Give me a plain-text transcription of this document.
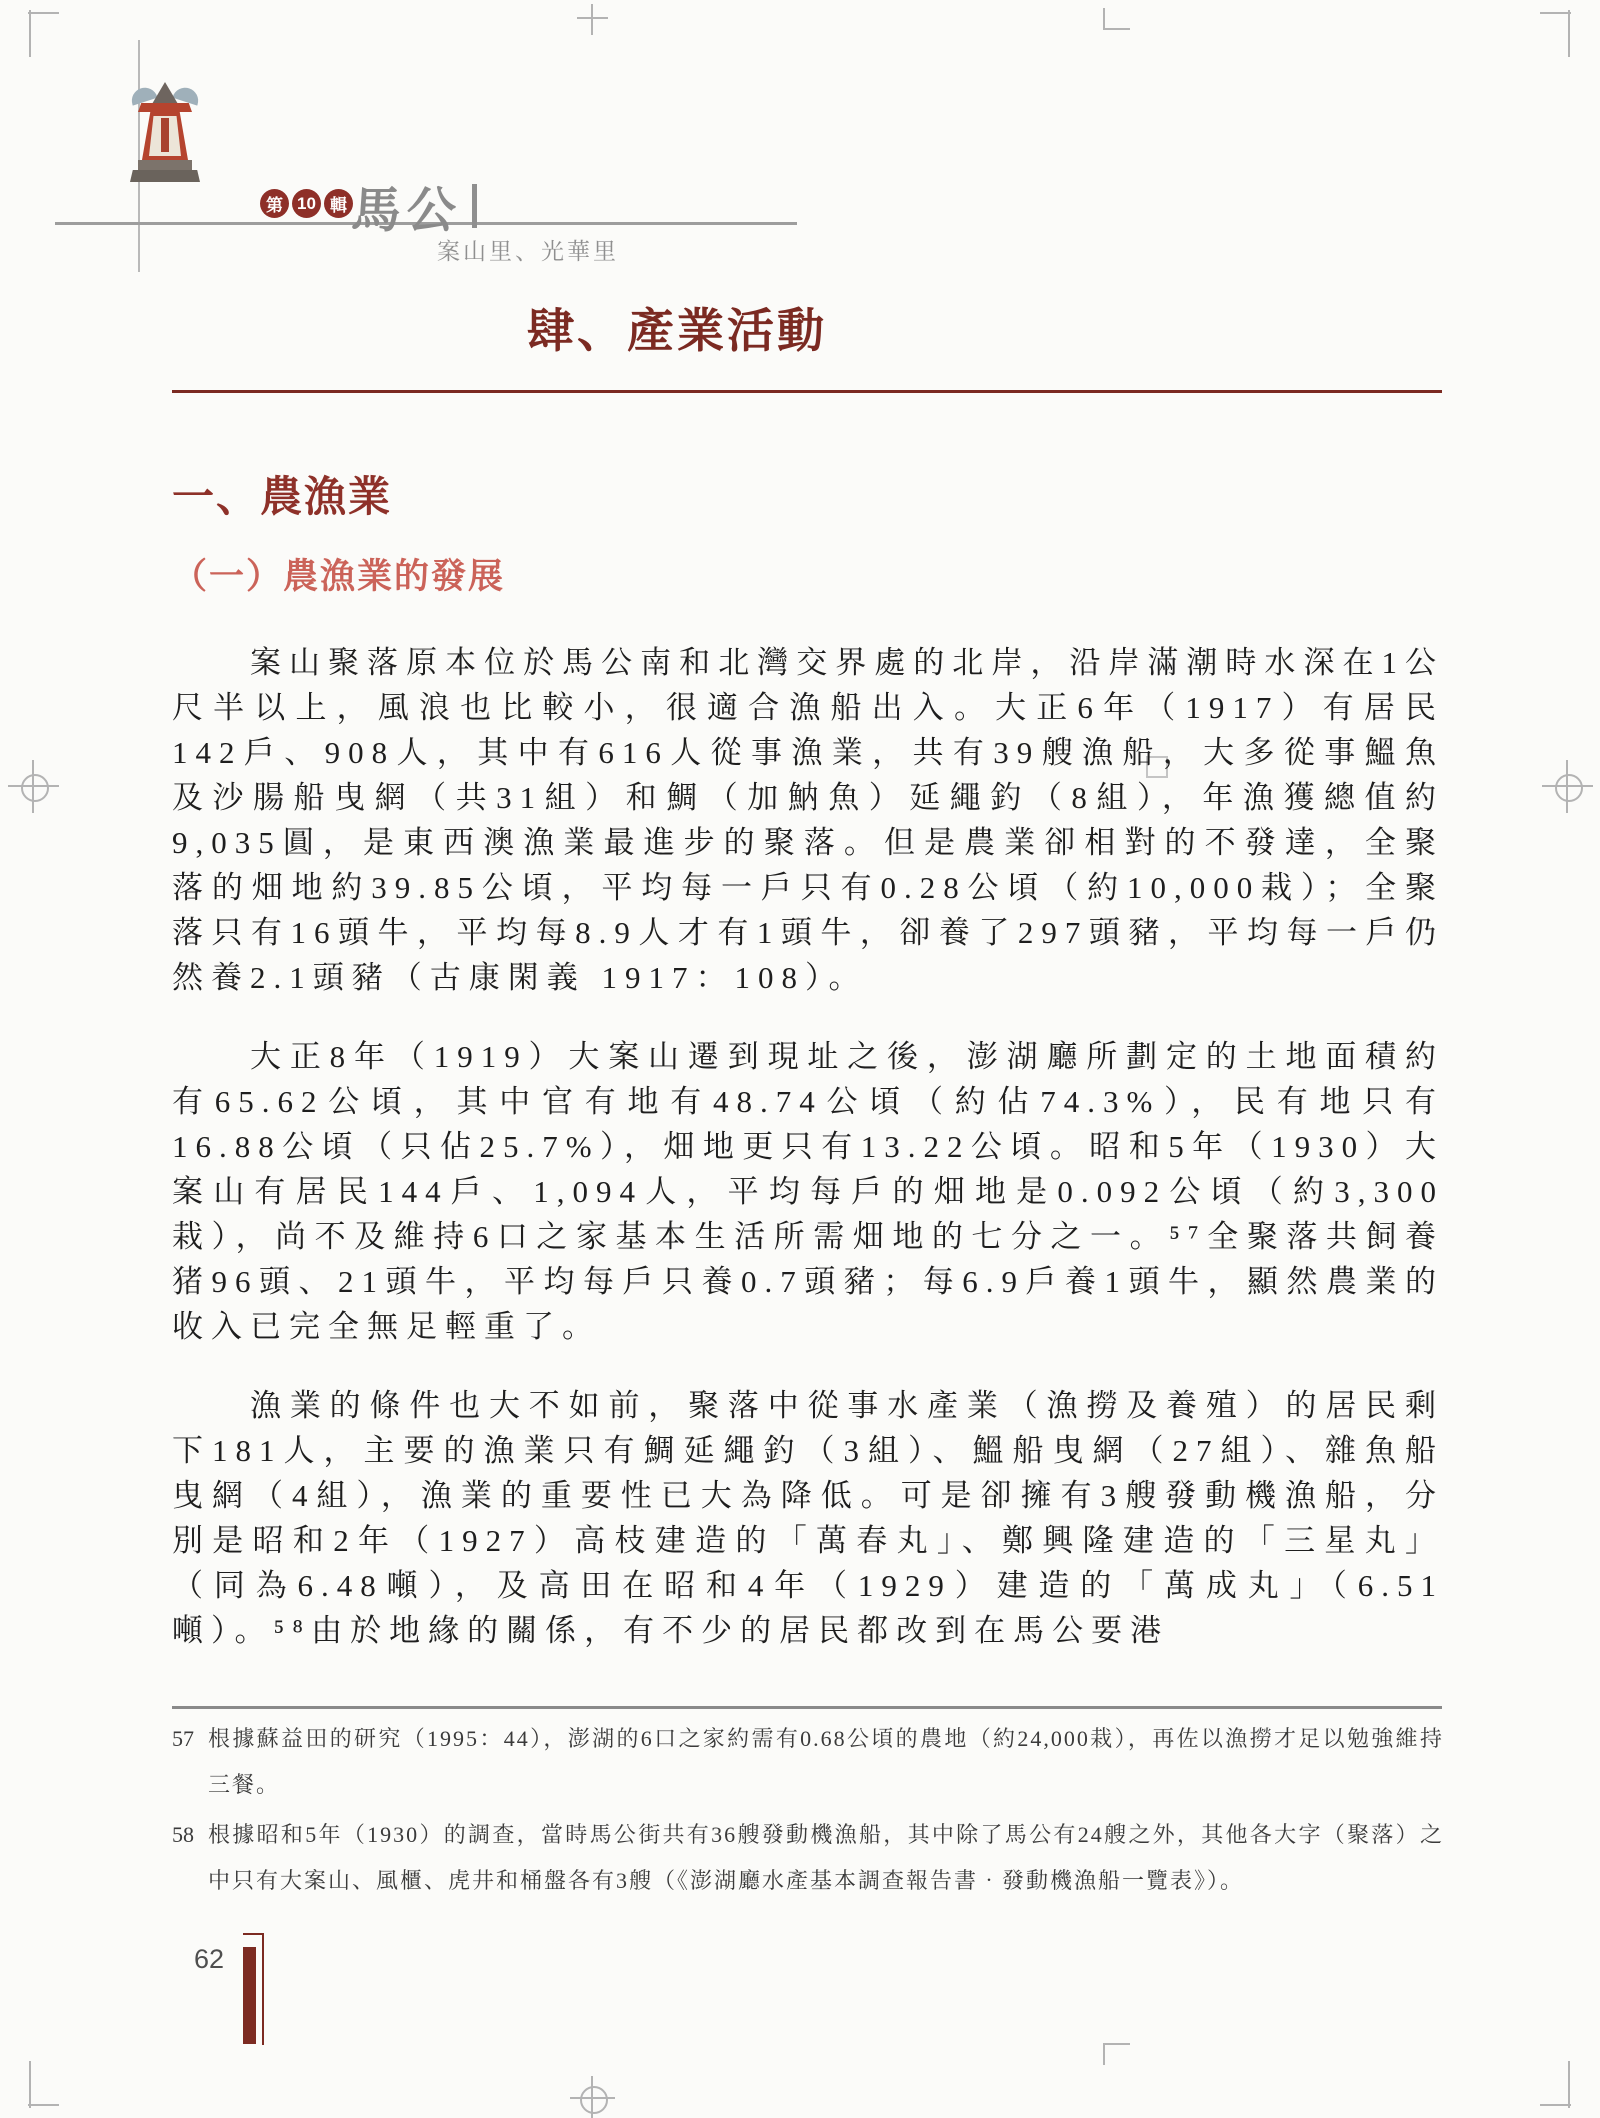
第 10 輯 馬公
案山里、光華里
肆、產業活動
一、農漁業
（一）農漁業的發展

案山聚落原本位於馬公南和北灣交界處的北岸，沿岸滿潮時水深在1公尺半以上，風浪也比較小，很適合漁船出入。大正6年（1917）有居民142戶、908人，其中有616人從事漁業，共有39艘漁船，大多從事鰮魚及沙腸船曳網（共31組）和鯛（加魶魚）延繩釣（8組），年漁獲總值約9,035圓，是東西澳漁業最進步的聚落。但是農業卻相對的不發達，全聚落的畑地約39.85公頃，平均每一戶只有0.28公頃（約10,000栽）；全聚落只有16頭牛，平均每8.9人才有1頭牛，卻養了297頭豬，平均每一戶仍然養2.1頭豬（古康閑義 1917：108）。

大正8年（1919）大案山遷到現址之後，澎湖廳所劃定的土地面積約有65.62公頃，其中官有地有48.74公頃（約佔74.3%），民有地只有16.88公頃（只佔25.7%），畑地更只有13.22公頃。昭和5年（1930）大案山有居民144戶、1,094人，平均每戶的畑地是0.092公頃（約3,300栽），尚不及維持6口之家基本生活所需畑地的七分之一。⁵⁷全聚落共飼養猪96頭、21頭牛，平均每戶只養0.7頭豬；每6.9戶養1頭牛，顯然農業的收入已完全無足輕重了。

漁業的條件也大不如前，聚落中從事水產業（漁撈及養殖）的居民剩下181人，主要的漁業只有鯛延繩釣（3組）、鰮船曳網（27組）、雜魚船曳網（4組），漁業的重要性已大為降低。可是卻擁有3艘發動機漁船，分別是昭和2年（1927）高枝建造的「萬春丸」、鄭興隆建造的「三星丸」（同為6.48噸），及高田在昭和4年（1929）建造的「萬成丸」（6.51噸）。⁵⁸由於地緣的關係，有不少的居民都改到在馬公要港

57 根據蘇益田的研究（1995：44），澎湖的6口之家約需有0.68公頃的農地（約24,000栽），再佐以漁撈才足以勉強維持三餐。
58 根據昭和5年（1930）的調查，當時馬公街共有36艘發動機漁船，其中除了馬公有24艘之外，其他各大字（聚落）之中只有大案山、風櫃、虎井和桶盤各有3艘（《澎湖廳水產基本調查報告書‧發動機漁船一覽表》）。
62
